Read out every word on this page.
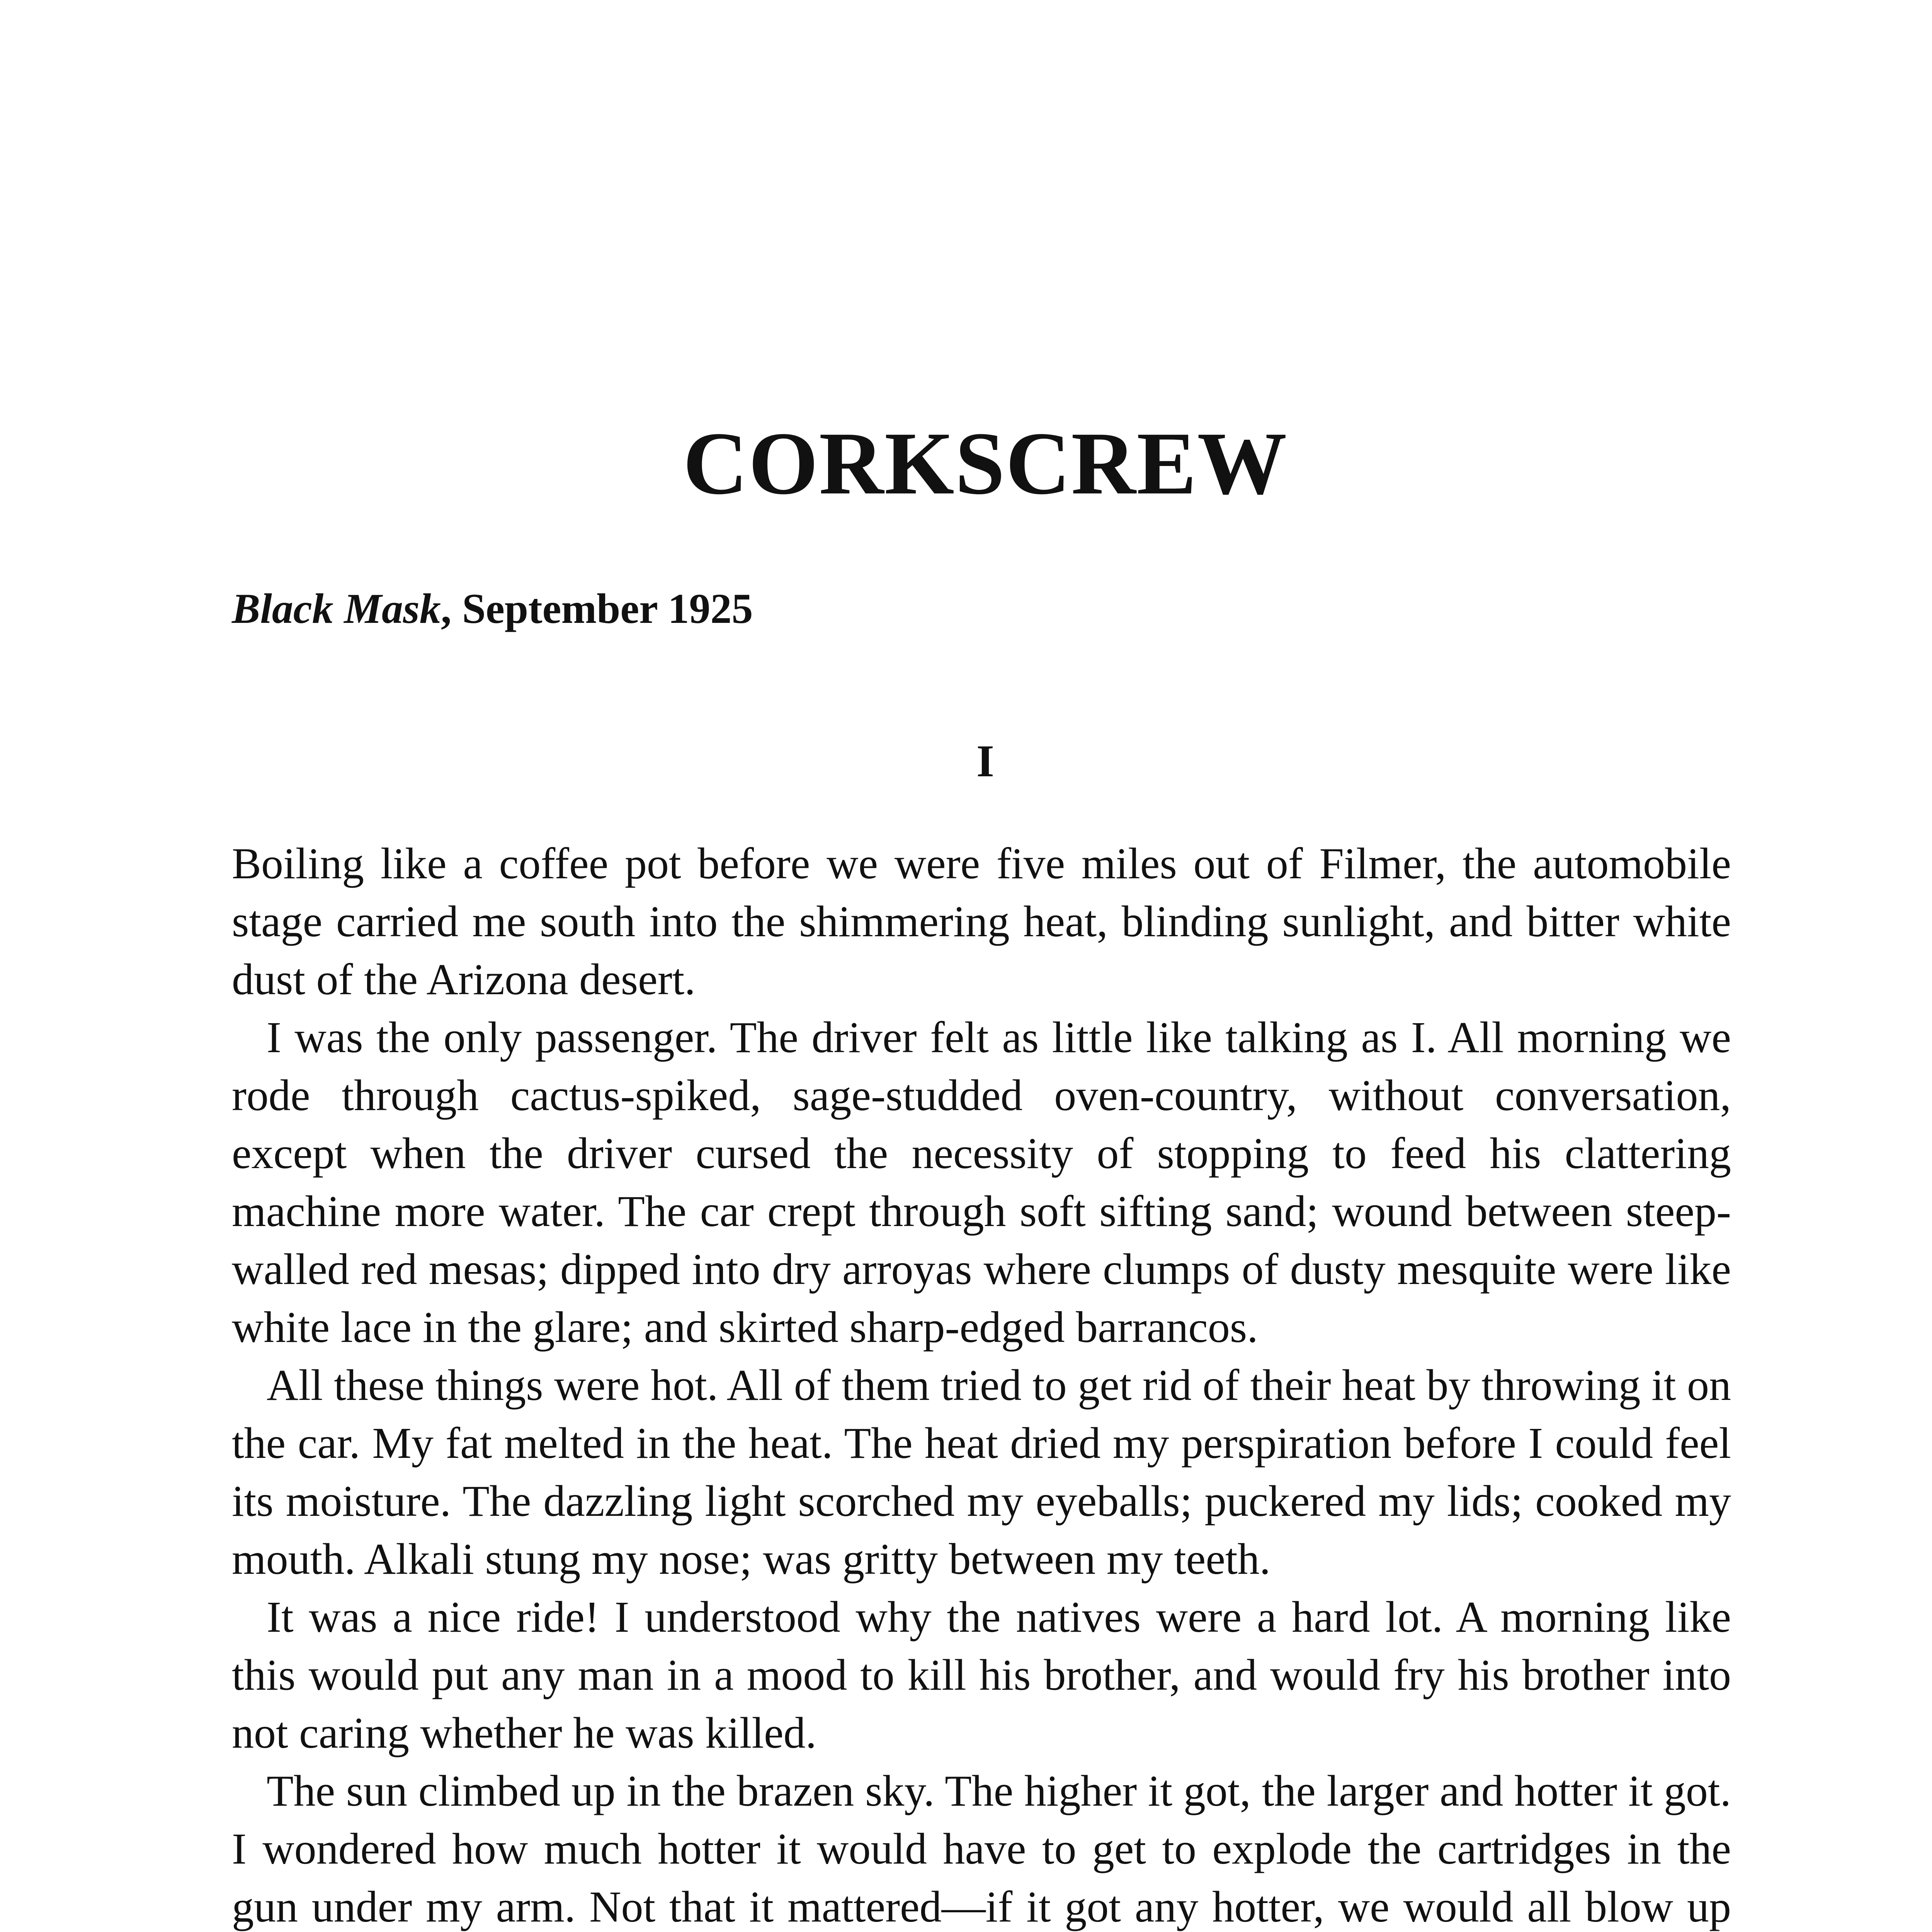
CORKSCREW

Black Mask, September 1925

I

Boiling like a coffee pot before we were five miles out of Filmer, the automobile stage carried me south into the shimmering heat, blinding sunlight, and bitter white dust of the Arizona desert.

I was the only passenger. The driver felt as little like talking as I. All morning we rode through cactus-spiked, sage-studded oven-country, without conversation, except when the driver cursed the necessity of stopping to feed his clattering machine more water. The car crept through soft sifting sand; wound between steep-walled red mesas; dipped into dry arroyas where clumps of dusty mesquite were like white lace in the glare; and skirted sharp-edged barrancos.

All these things were hot. All of them tried to get rid of their heat by throwing it on the car. My fat melted in the heat. The heat dried my perspiration before I could feel its moisture. The dazzling light scorched my eyeballs; puckered my lids; cooked my mouth. Alkali stung my nose; was gritty between my teeth.

It was a nice ride! I understood why the natives were a hard lot. A morning like this would put any man in a mood to kill his brother, and would fry his brother into not caring whether he was killed.

The sun climbed up in the brazen sky. The higher it got, the larger and hotter it got. I wondered how much hotter it would have to get to explode the cartridges in the gun under my arm. Not that it mattered—if it got any hotter, we would all blow up
